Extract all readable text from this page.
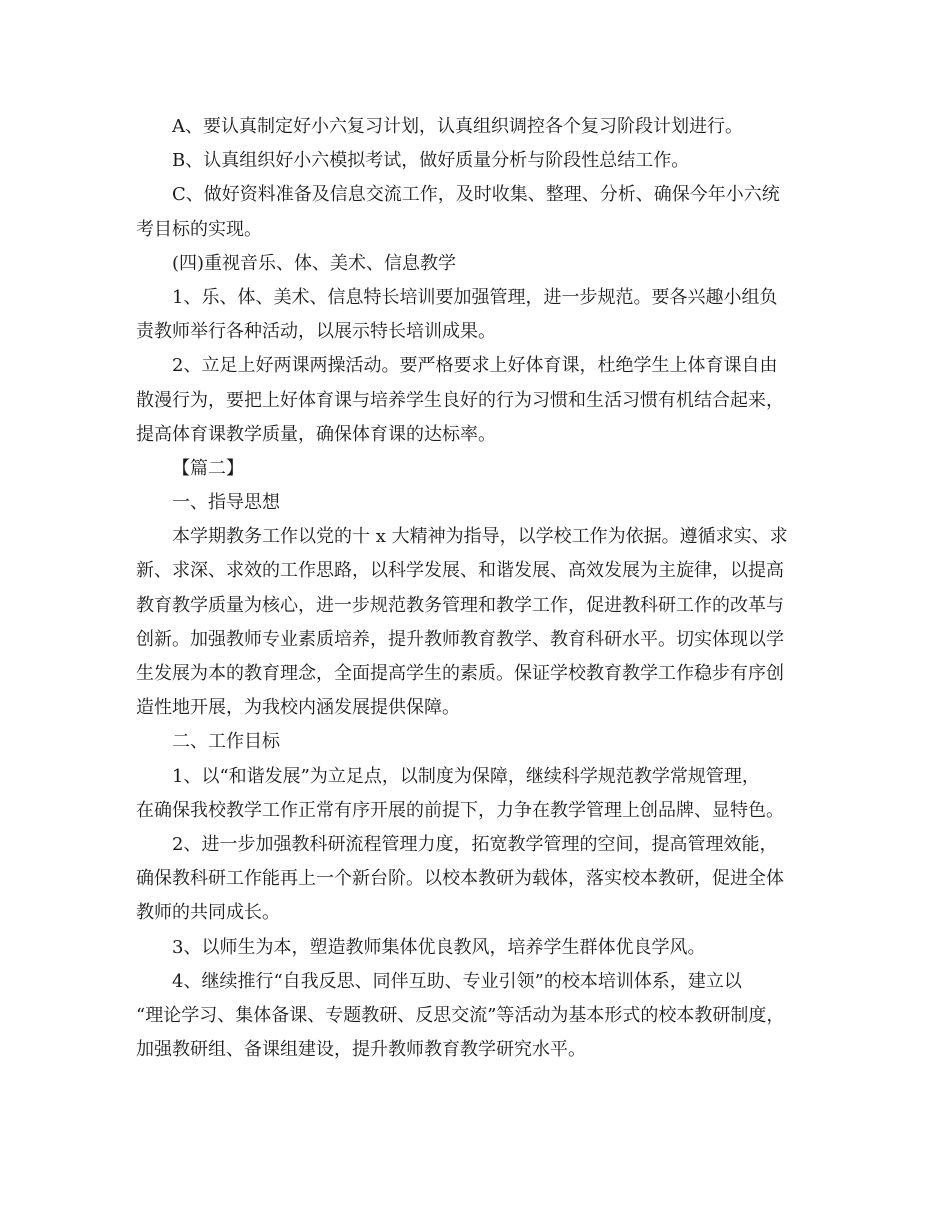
A、要认真制定好小六复习计划，认真组织调控各个复习阶段计划进行。
B、认真组织好小六模拟考试，做好质量分析与阶段性总结工作。
C、做好资料准备及信息交流工作，及时收集、整理、分析、确保今年小六统
考目标的实现。
(四)重视音乐、体、美术、信息教学
1、乐、体、美术、信息特长培训要加强管理，进一步规范。要各兴趣小组负
责教师举行各种活动，以展示特长培训成果。
2、立足上好两课两操活动。要严格要求上好体育课，杜绝学生上体育课自由
散漫行为，要把上好体育课与培养学生良好的行为习惯和生活习惯有机结合起来，
提高体育课教学质量，确保体育课的达标率。
【篇二】
一、指导思想
本学期教务工作以党的十 x 大精神为指导，以学校工作为依据。遵循求实、求
新、求深、求效的工作思路，以科学发展、和谐发展、高效发展为主旋律，以提高
教育教学质量为核心，进一步规范教务管理和教学工作，促进教科研工作的改革与
创新。加强教师专业素质培养，提升教师教育教学、教育科研水平。切实体现以学
生发展为本的教育理念，全面提高学生的素质。保证学校教育教学工作稳步有序创
造性地开展，为我校内涵发展提供保障。
二、工作目标
1、以“和谐发展”为立足点，以制度为保障，继续科学规范教学常规管理，
在确保我校教学工作正常有序开展的前提下，力争在教学管理上创品牌、显特色。
2、进一步加强教科研流程管理力度，拓宽教学管理的空间，提高管理效能，
确保教科研工作能再上一个新台阶。以校本教研为载体，落实校本教研，促进全体
教师的共同成长。
3、以师生为本，塑造教师集体优良教风，培养学生群体优良学风。
4、继续推行“自我反思、同伴互助、专业引领”的校本培训体系，建立以
“理论学习、集体备课、专题教研、反思交流”等活动为基本形式的校本教研制度，
加强教研组、备课组建设，提升教师教育教学研究水平。
